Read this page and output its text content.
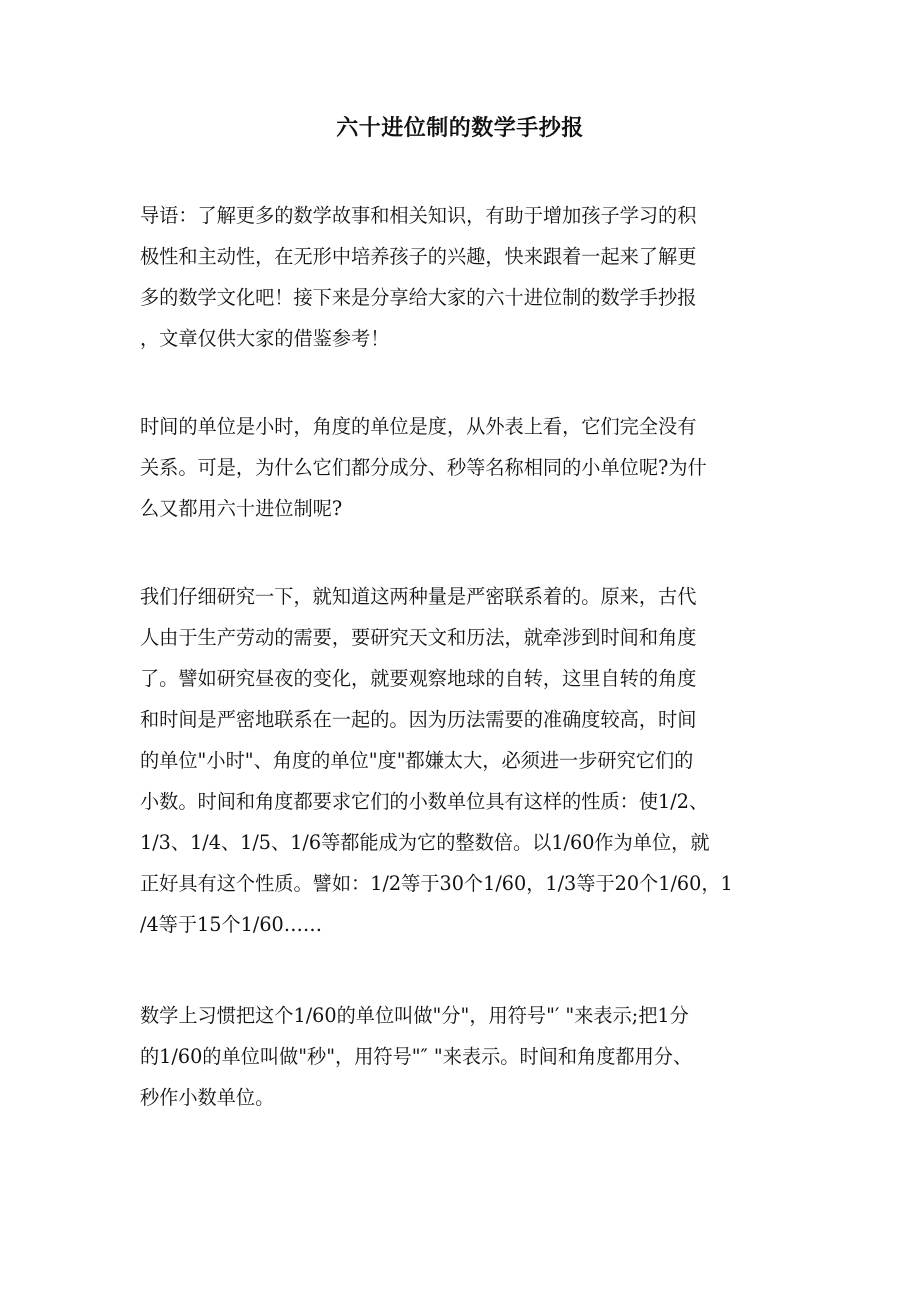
六十进位制的数学手抄报

导语：了解更多的数学故事和相关知识，有助于增加孩子学习的积
极性和主动性，在无形中培养孩子的兴趣，快来跟着一起来了解更
多的数学文化吧！接下来是分享给大家的六十进位制的数学手抄报
，文章仅供大家的借鉴参考！

时间的单位是小时，角度的单位是度，从外表上看，它们完全没有
关系。可是，为什么它们都分成分、秒等名称相同的小单位呢?为什
么又都用六十进位制呢?

我们仔细研究一下，就知道这两种量是严密联系着的。原来，古代
人由于生产劳动的需要，要研究天文和历法，就牵涉到时间和角度
了。譬如研究昼夜的变化，就要观察地球的自转，这里自转的角度
和时间是严密地联系在一起的。因为历法需要的准确度较高，时间
的单位"小时"、角度的单位"度"都嫌太大，必须进一步研究它们的
小数。时间和角度都要求它们的小数单位具有这样的性质：使1/2、
1/3、1/4、1/5、1/6等都能成为它的整数倍。以1/60作为单位，就
正好具有这个性质。譬如：1/2等于30个1/60，1/3等于20个1/60，1
/4等于15个1/60……

数学上习惯把这个1/60的单位叫做"分"，用符号"′ "来表示;把1分
的1/60的单位叫做"秒"，用符号"″ "来表示。时间和角度都用分、
秒作小数单位。
